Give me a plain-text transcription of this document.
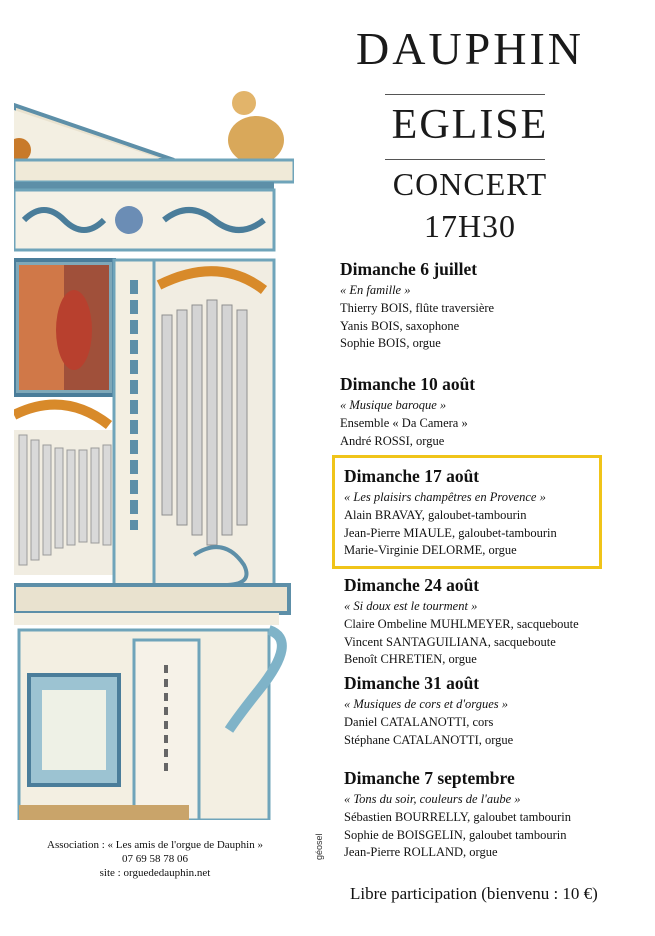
DAUPHIN
EGLISE
CONCERT
17H30
Dimanche 6 juillet
« En famille »
Thierry BOIS, flûte traversière
Yanis BOIS, saxophone
Sophie BOIS, orgue
Dimanche 10 août
« Musique baroque »
Ensemble « Da Camera »
André ROSSI, orgue
Dimanche 17 août
« Les plaisirs champêtres en Provence »
Alain BRAVAY, galoubet-tambourin
Jean-Pierre MIAULE, galoubet-tambourin
Marie-Virginie DELORME, orgue
Dimanche 24 août
« Si doux est le tourment »
Claire Ombeline MUHLMEYER, sacqueboute
Vincent SANTAGUILIANA, sacqueboute
Benoît CHRETIEN, orgue
Dimanche 31 août
« Musiques de cors et d'orgues »
Daniel CATALANOTTI, cors
Stéphane CATALANOTTI, orgue
Dimanche 7 septembre
« Tons du soir, couleurs de l'aube »
Sébastien BOURRELLY, galoubet tambourin
Sophie de BOISGELIN, galoubet tambourin
Jean-Pierre ROLLAND, orgue
Association : « Les amis de l'orgue de Dauphin »
07 69 58 78 06
site : orguededauphin.net
géosel
Libre participation (bienvenu : 10 €)
